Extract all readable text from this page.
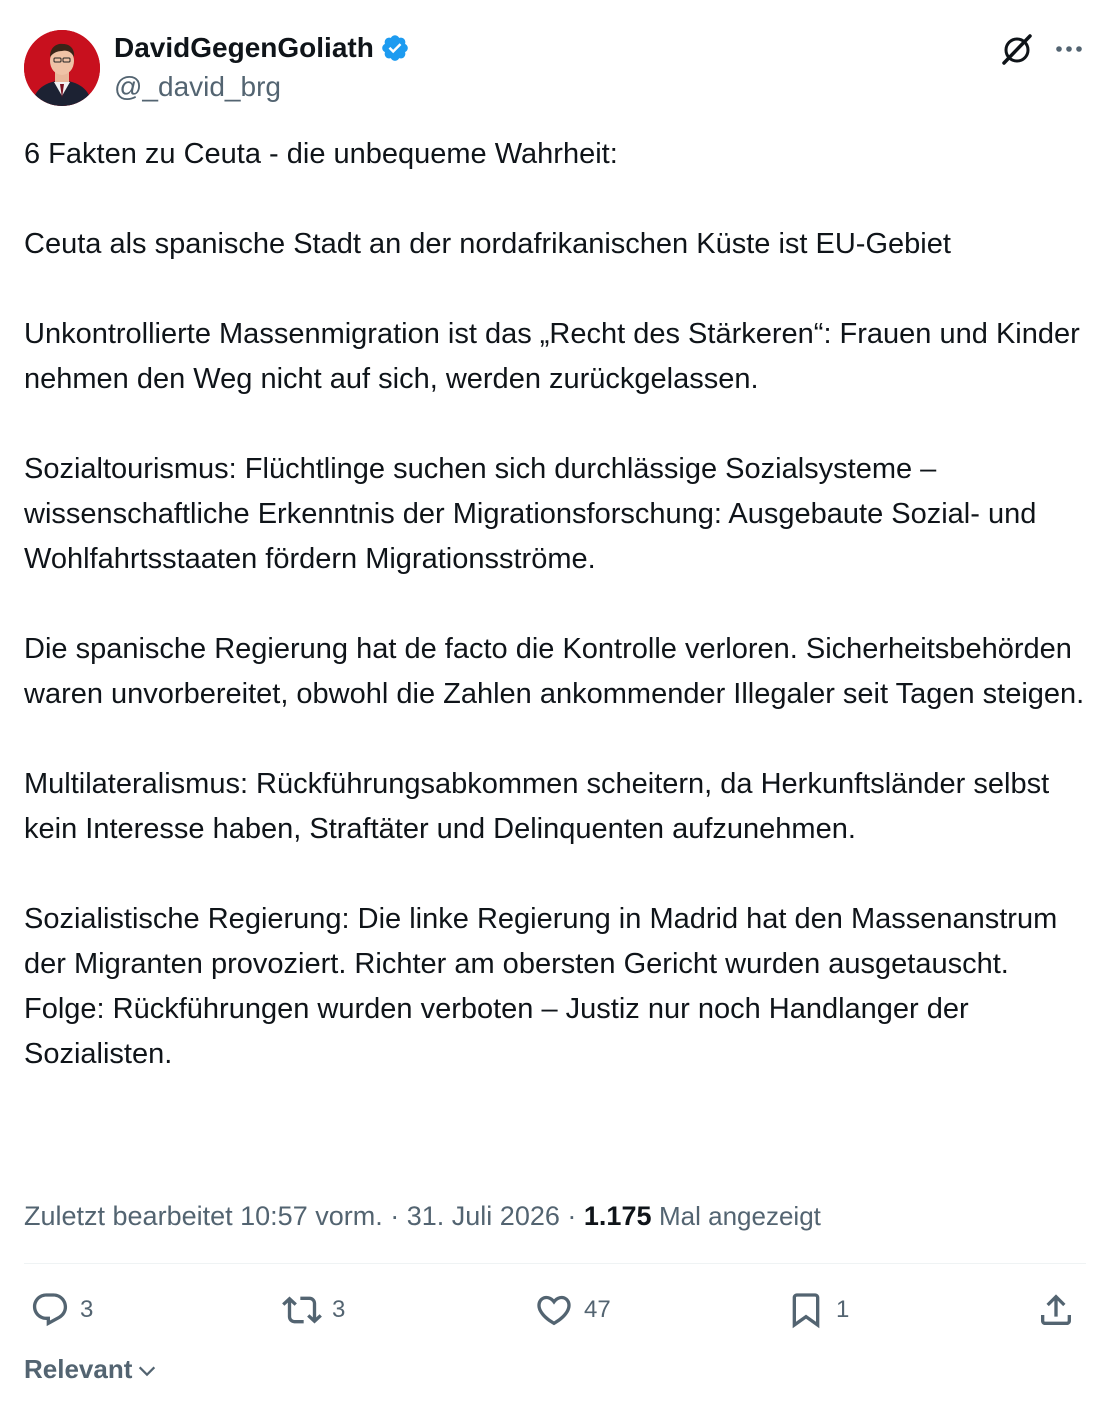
DavidGegenGoliath
@_david_brg

6 Fakten zu Ceuta - die unbequeme Wahrheit:

Ceuta als spanische Stadt an der nordafrikanischen Küste ist EU-Gebiet

Unkontrollierte Massenmigration ist das „Recht des Stärkeren“: Frauen und Kinder nehmen den Weg nicht auf sich, werden zurückgelassen.

Sozialtourismus: Flüchtlinge suchen sich durchlässige Sozialsysteme – wissenschaftliche Erkenntnis der Migrationsforschung: Ausgebaute Sozial- und Wohlfahrtsstaaten fördern Migrationsströme.

Die spanische Regierung hat de facto die Kontrolle verloren. Sicherheitsbehörden waren unvorbereitet, obwohl die Zahlen ankommender Illegaler seit Tagen steigen.

Multilateralismus: Rückführungsabkommen scheitern, da Herkunftsländer selbst kein Interesse haben, Straftäter und Delinquenten aufzunehmen.

Sozialistische Regierung: Die linke Regierung in Madrid hat den Massenanstrum der Migranten provoziert. Richter am obersten Gericht wurden ausgetauscht. Folge: Rückführungen wurden verboten – Justiz nur noch Handlanger der Sozialisten.

Zuletzt bearbeitet 10:57 vorm. · 31. Juli 2026 · 1.175 Mal angezeigt
3	3	47	1
Relevant
